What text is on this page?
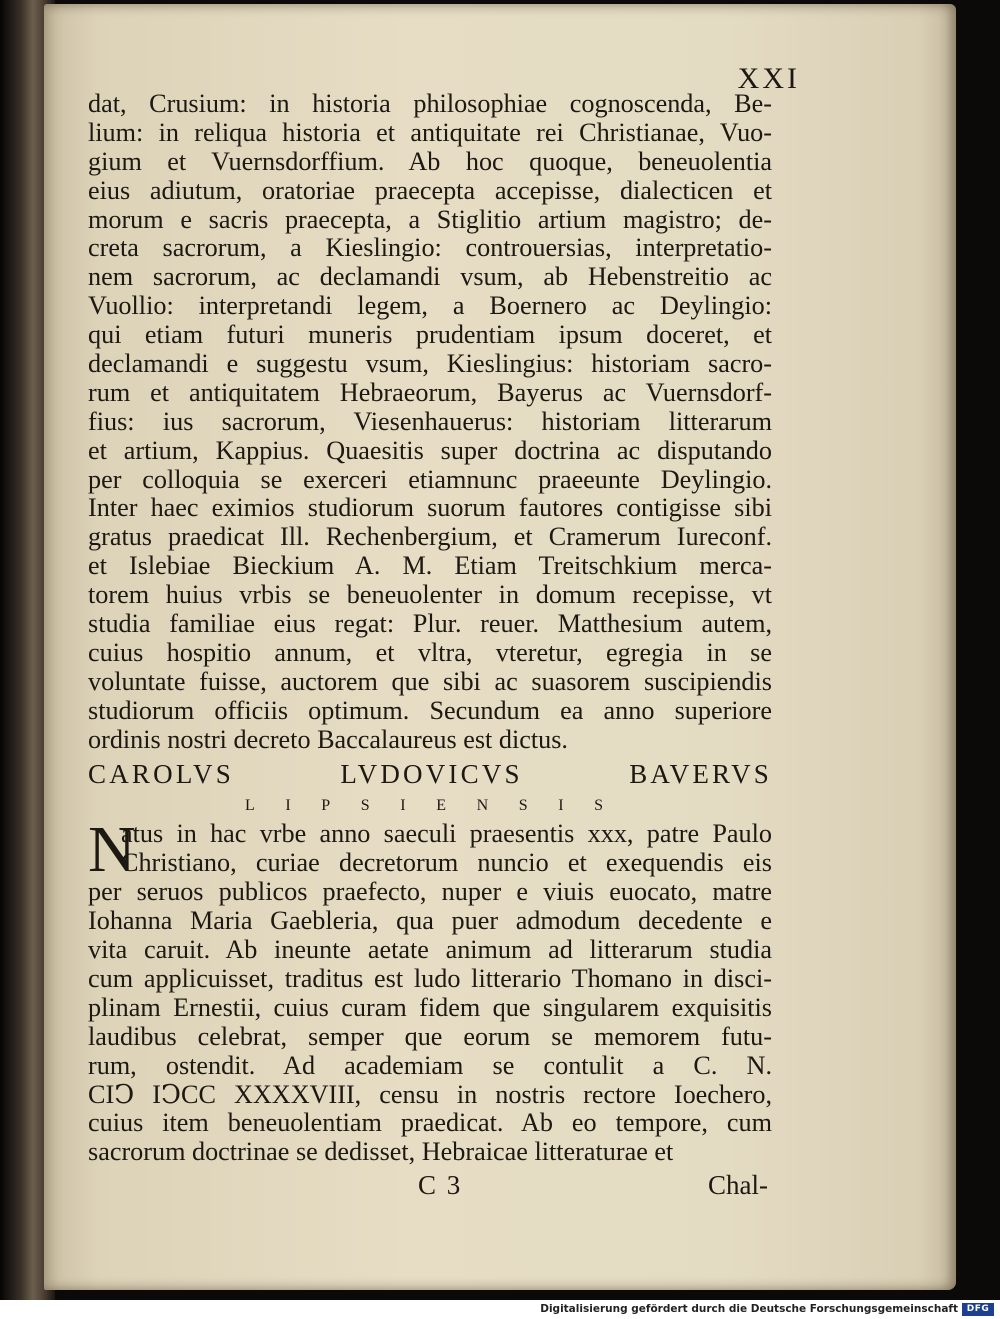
XXI
dat, Crusium: in historia philosophiae cognoscenda, Be-
lium: in reliqua historia et antiquitate rei Christianae, Vuo-
gium et Vuernsdorffium. Ab hoc quoque, beneuolentia
eius adiutum, oratoriae praecepta accepisse, dialecticen et
morum e sacris praecepta, a Stiglitio artium magistro; de-
creta sacrorum, a Kieslingio: controuersias, interpretatio-
nem sacrorum, ac declamandi vsum, ab Hebenstreitio ac
Vuollio: interpretandi legem, a Boernero ac Deylingio:
qui etiam futuri muneris prudentiam ipsum doceret, et
declamandi e suggestu vsum, Kieslingius: historiam sacro-
rum et antiquitatem Hebraeorum, Bayerus ac Vuernsdorf-
fius: ius sacrorum, Viesenhauerus: historiam litterarum
et artium, Kappius. Quaesitis super doctrina ac disputando
per colloquia se exerceri etiamnunc praeeunte Deylingio.
Inter haec eximios studiorum suorum fautores contigisse sibi
gratus praedicat Ill. Rechenbergium, et Cramerum Iureconf.
et Islebiae Bieckium A. M. Etiam Treitschkium merca-
torem huius vrbis se beneuolenter in domum recepisse, vt
studia familiae eius regat: Plur. reuer. Matthesium autem,
cuius hospitio annum, et vltra, vteretur, egregia in se
voluntate fuisse, auctorem que sibi ac suasorem suscipiendis
studiorum officiis optimum. Secundum ea anno superiore
ordinis nostri decreto Baccalaureus est dictus.
CAROLVS LVDOVICVS BAVERVS
LIPSIENSIS
N
atus in hac vrbe anno saeculi praesentis xxx, patre Paulo
Christiano, curiae decretorum nuncio et exequendis eis
per seruos publicos praefecto, nuper e viuis euocato, matre
Iohanna Maria Gaebleria, qua puer admodum decedente e
vita caruit. Ab ineunte aetate animum ad litterarum studia
cum applicuisset, traditus est ludo litterario Thomano in disci-
plinam Ernestii, cuius curam fidem que singularem exquisitis
laudibus celebrat, semper que eorum se memorem futu-
rum, ostendit. Ad academiam se contulit a C. N.
CIↃ IↃCC XXXXVIII, censu in nostris rectore Ioechero,
cuius item beneuolentiam praedicat. Ab eo tempore, cum
sacrorum doctrinae se dedisset, Hebraicae litteraturae et
C 3	Chal-
Digitalisierung gefördert durch die Deutsche Forschungsgemeinschaft DFG
